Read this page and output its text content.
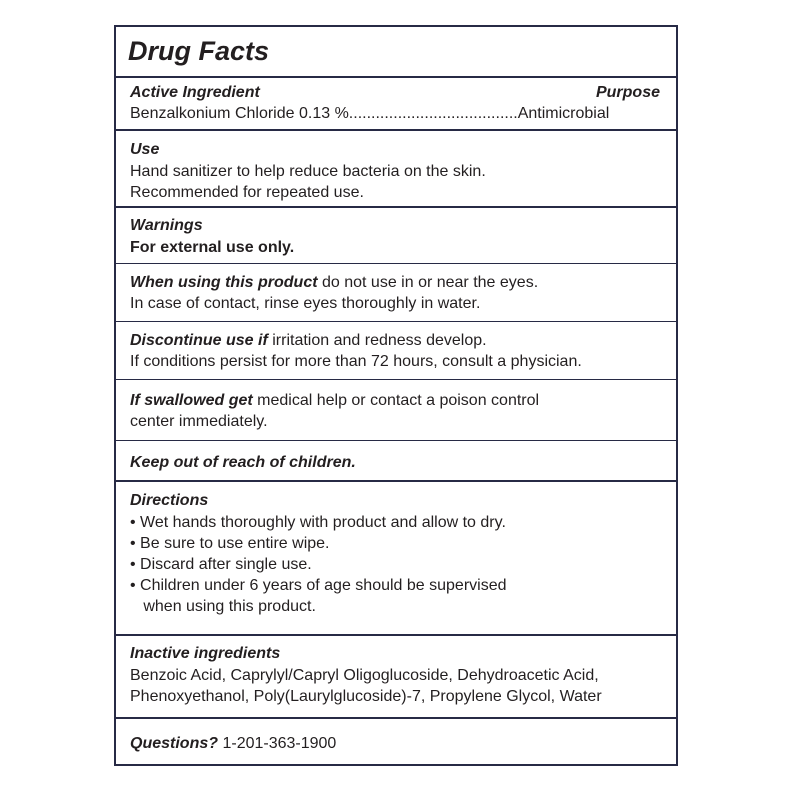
Drug Facts
Active Ingredient	Purpose
Benzalkonium Chloride 0.13 %......................................Antimicrobial
Use
Hand sanitizer to help reduce bacteria on the skin.
Recommended for repeated use.
Warnings
For external use only.
When using this product do not use in or near the eyes.
In case of contact, rinse eyes thoroughly in water.
Discontinue use if irritation and redness develop.
If conditions persist for more than 72 hours, consult a physician.
If swallowed get medical help or contact a poison control
center immediately.
Keep out of reach of children.
Directions
• Wet hands thoroughly with product and allow to dry.
• Be sure to use entire wipe.
• Discard after single use.
• Children under 6 years of age should be supervised
when using this product.
Inactive ingredients
Benzoic Acid, Caprylyl/Capryl Oligoglucoside, Dehydroacetic Acid,
Phenoxyethanol, Poly(Laurylglucoside)-7, Propylene Glycol, Water
Questions? 1-201-363-1900
